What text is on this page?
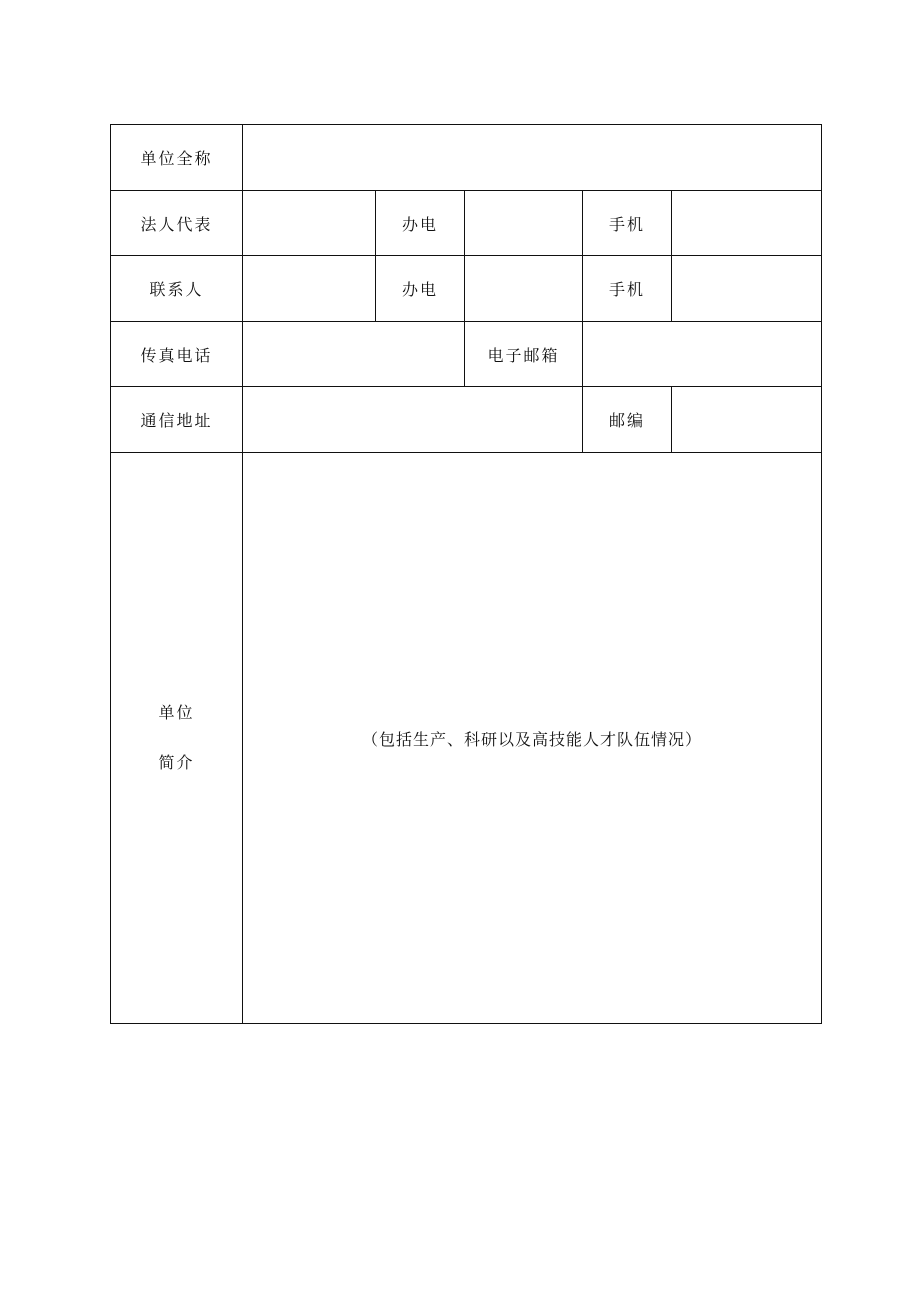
单位全称
法人代表	办电	手机
联系人	办电	手机
传真电话	电子邮箱
通信地址	邮编
单位
简介
（包括生产、科研以及高技能人才队伍情况）
